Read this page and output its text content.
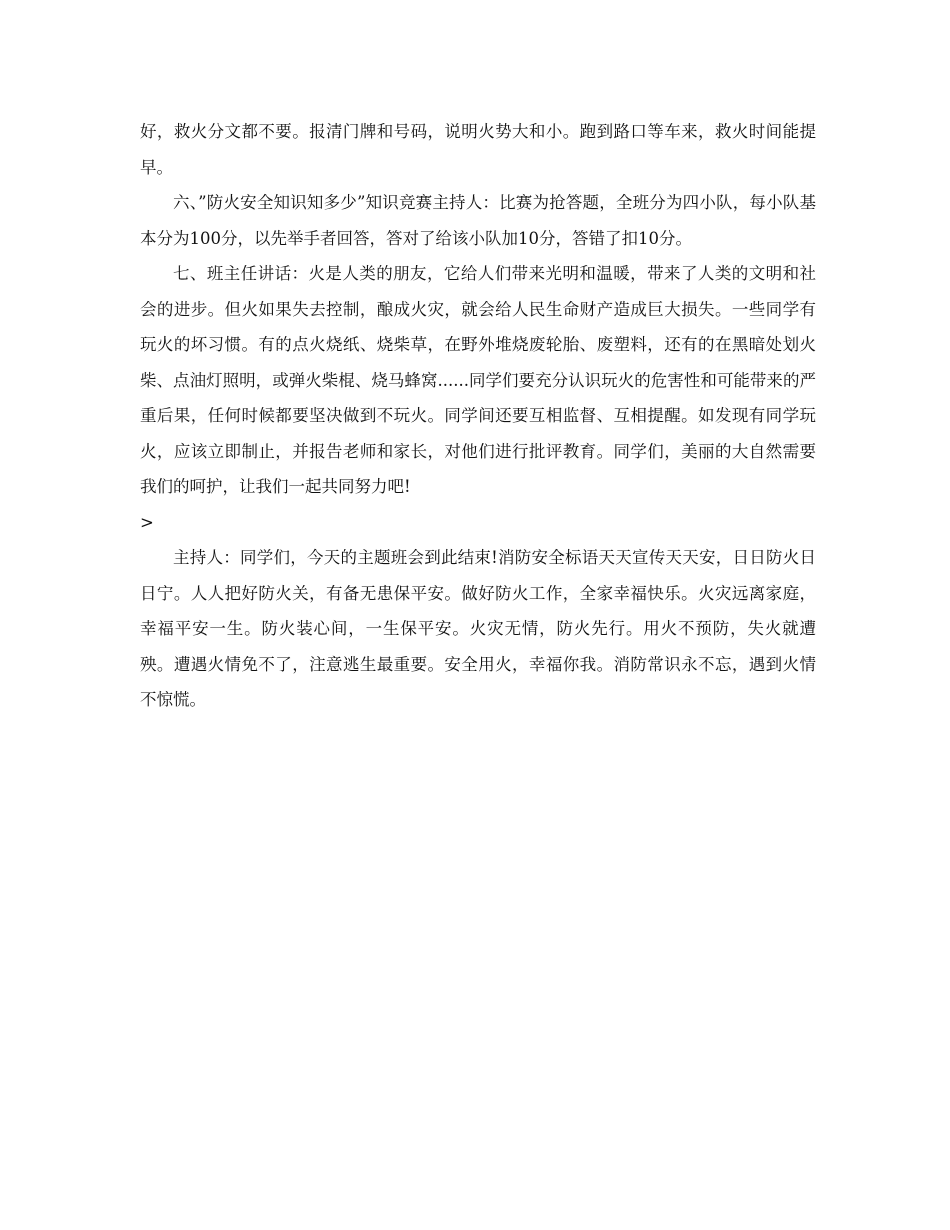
好，救火分文都不要。报清门牌和号码，说明火势大和小。跑到路口等车来，救火时间能提早。

六、”防火安全知识知多少”知识竞赛主持人：比赛为抢答题，全班分为四小队，每小队基本分为100分，以先举手者回答，答对了给该小队加10分，答错了扣10分。

七、班主任讲话：火是人类的朋友，它给人们带来光明和温暖，带来了人类的文明和社会的进步。但火如果失去控制，酿成火灾，就会给人民生命财产造成巨大损失。一些同学有玩火的坏习惯。有的点火烧纸、烧柴草，在野外堆烧废轮胎、废塑料，还有的在黑暗处划火柴、点油灯照明，或弹火柴棍、烧马蜂窝......同学们要充分认识玩火的危害性和可能带来的严重后果，任何时候都要坚决做到不玩火。同学间还要互相监督、互相提醒。如发现有同学玩火，应该立即制止，并报告老师和家长，对他们进行批评教育。同学们，美丽的大自然需要我们的呵护，让我们一起共同努力吧!

>

主持人：同学们，今天的主题班会到此结束!消防安全标语天天宣传天天安，日日防火日日宁。人人把好防火关，有备无患保平安。做好防火工作，全家幸福快乐。火灾远离家庭，幸福平安一生。防火装心间，一生保平安。火灾无情，防火先行。用火不预防，失火就遭殃。遭遇火情免不了，注意逃生最重要。安全用火，幸福你我。消防常识永不忘，遇到火情不惊慌。
